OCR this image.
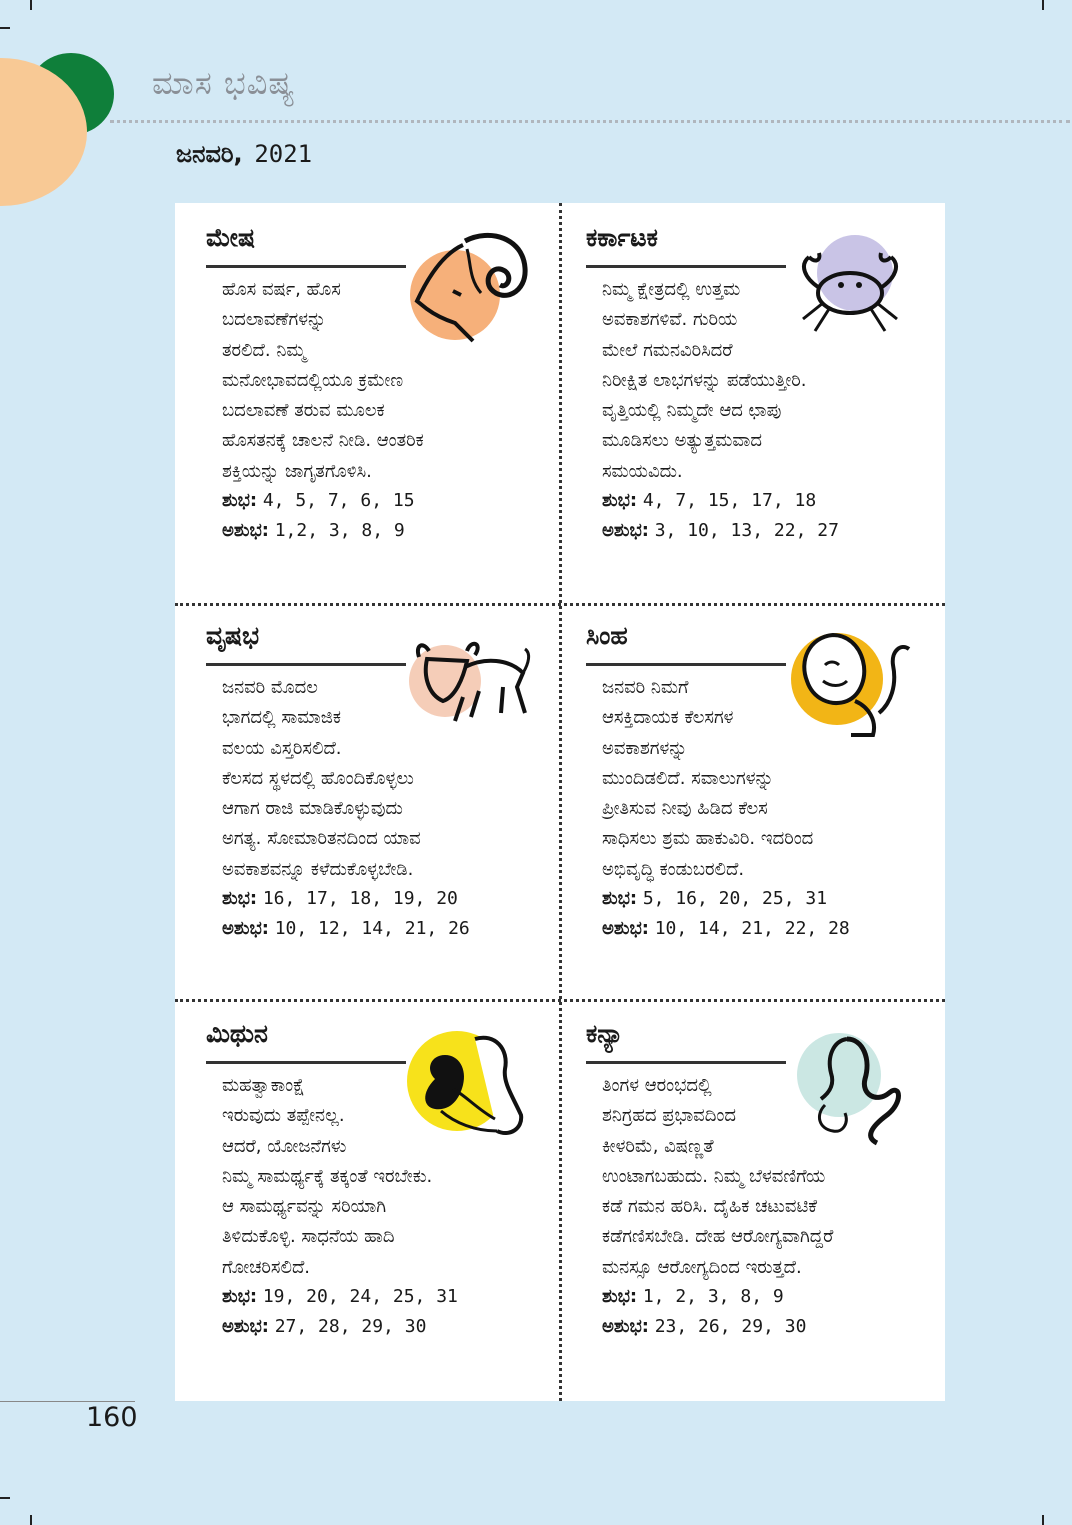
ಮಾಸ ಭವಿಷ್ಯ
ಜನವರಿ, 2021
ಮೇಷ
ಹೊಸ ವರ್ಷ, ಹೊಸ
ಬದಲಾವಣೆಗಳನ್ನು
ತರಲಿದೆ. ನಿಮ್ಮ
ಮನೋಭಾವದಲ್ಲಿಯೂ ಕ್ರಮೇಣ
ಬದಲಾವಣೆ ತರುವ ಮೂಲಕ
ಹೊಸತನಕ್ಕೆ ಚಾಲನೆ ನೀಡಿ. ಆಂತರಿಕ
ಶಕ್ತಿಯನ್ನು ಜಾಗೃತಗೊಳಿಸಿ.
ಶುಭ: 4, 5, 7, 6, 15
ಅಶುಭ: 1,2, 3, 8, 9
ಕರ್ಕಾಟಕ
ನಿಮ್ಮ ಕ್ಷೇತ್ರದಲ್ಲಿ ಉತ್ತಮ
ಅವಕಾಶಗಳಿವೆ. ಗುರಿಯ
ಮೇಲೆ ಗಮನವಿರಿಸಿದರೆ
ನಿರೀಕ್ಷಿತ ಲಾಭಗಳನ್ನು ಪಡೆಯುತ್ತೀರಿ.
ವೃತ್ತಿಯಲ್ಲಿ ನಿಮ್ಮದೇ ಆದ ಛಾಪು
ಮೂಡಿಸಲು ಅತ್ಯುತ್ತಮವಾದ
ಸಮಯವಿದು.
ಶುಭ: 4, 7, 15, 17, 18
ಅಶುಭ: 3, 10, 13, 22, 27
ವೃಷಭ
ಜನವರಿ ಮೊದಲ
ಭಾಗದಲ್ಲಿ ಸಾಮಾಜಿಕ
ವಲಯ ವಿಸ್ತರಿಸಲಿದೆ.
ಕೆಲಸದ ಸ್ಥಳದಲ್ಲಿ ಹೊಂದಿಕೊಳ್ಳಲು
ಆಗಾಗ ರಾಜಿ ಮಾಡಿಕೊಳ್ಳುವುದು
ಅಗತ್ಯ. ಸೋಮಾರಿತನದಿಂದ ಯಾವ
ಅವಕಾಶವನ್ನೂ ಕಳೆದುಕೊಳ್ಳಬೇಡಿ.
ಶುಭ: 16, 17, 18, 19, 20
ಅಶುಭ: 10, 12, 14, 21, 26
ಸಿಂಹ
ಜನವರಿ ನಿಮಗೆ
ಆಸಕ್ತಿದಾಯಕ ಕೆಲಸಗಳ
ಅವಕಾಶಗಳನ್ನು
ಮುಂದಿಡಲಿದೆ. ಸವಾಲುಗಳನ್ನು
ಪ್ರೀತಿಸುವ ನೀವು ಹಿಡಿದ ಕೆಲಸ
ಸಾಧಿಸಲು ಶ್ರಮ ಹಾಕುವಿರಿ. ಇದರಿಂದ
ಅಭಿವೃದ್ಧಿ ಕಂಡುಬರಲಿದೆ.
ಶುಭ: 5, 16, 20, 25, 31
ಅಶುಭ: 10, 14, 21, 22, 28
ಮಿಥುನ
ಮಹತ್ವಾಕಾಂಕ್ಷೆ
ಇರುವುದು ತಪ್ಪೇನಲ್ಲ.
ಆದರೆ, ಯೋಜನೆಗಳು
ನಿಮ್ಮ ಸಾಮರ್ಥ್ಯಕ್ಕೆ ತಕ್ಕಂತೆ ಇರಬೇಕು.
ಆ ಸಾಮರ್ಥ್ಯವನ್ನು ಸರಿಯಾಗಿ
ತಿಳಿದುಕೊಳ್ಳಿ. ಸಾಧನೆಯ ಹಾದಿ
ಗೋಚರಿಸಲಿದೆ.
ಶುಭ: 19, 20, 24, 25, 31
ಅಶುಭ: 27, 28, 29, 30
ಕನ್ಯಾ
ತಿಂಗಳ ಆರಂಭದಲ್ಲಿ
ಶನಿಗ್ರಹದ ಪ್ರಭಾವದಿಂದ
ಕೀಳರಿಮೆ, ವಿಷಣ್ಣತೆ
ಉಂಟಾಗಬಹುದು. ನಿಮ್ಮ ಬೆಳವಣಿಗೆಯ
ಕಡೆ ಗಮನ ಹರಿಸಿ. ದೈಹಿಕ ಚಟುವಟಿಕೆ
ಕಡೆಗಣಿಸಬೇಡಿ. ದೇಹ ಆರೋಗ್ಯವಾಗಿದ್ದರೆ
ಮನಸ್ಸೂ ಆರೋಗ್ಯದಿಂದ ಇರುತ್ತದೆ.
ಶುಭ: 1, 2, 3, 8, 9
ಅಶುಭ: 23, 26, 29, 30
160
